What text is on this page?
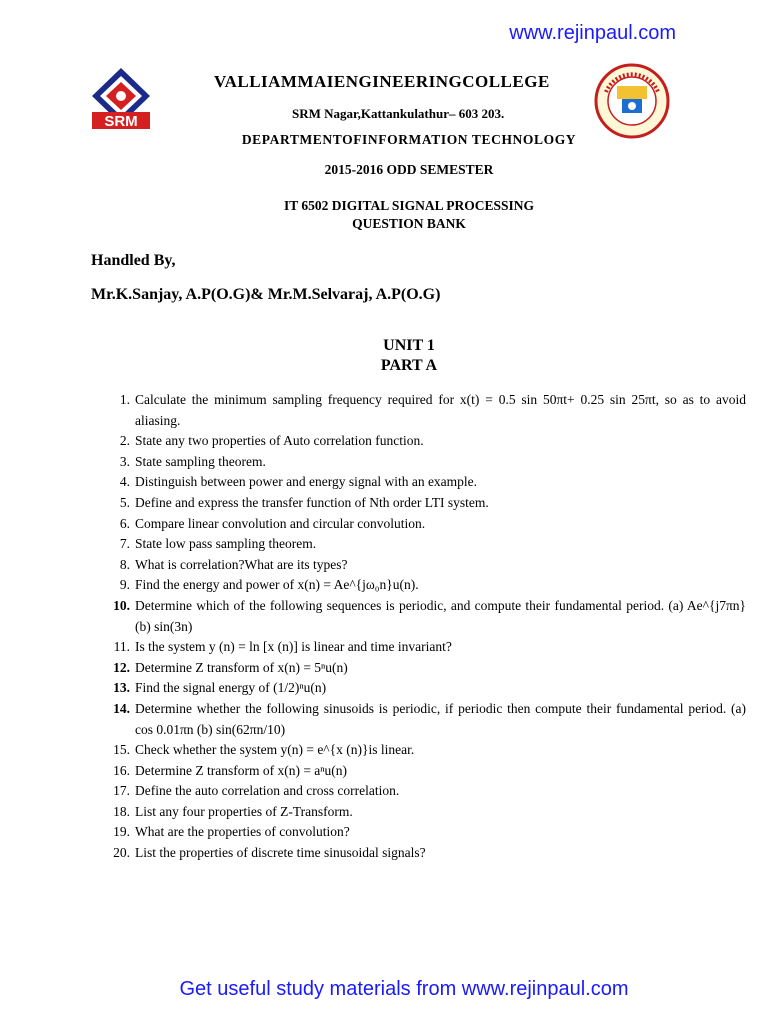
www.rejinpaul.com
SRM
VALLIAMMAIENGINEERINGCOLLEGE
SRM Nagar,Kattankulathur– 603 203.
DEPARTMENTOFINFORMATION TECHNOLOGY
2015-2016 ODD SEMESTER
IT 6502 DIGITAL SIGNAL PROCESSING
QUESTION BANK
Handled By,
Mr.K.Sanjay, A.P(O.G)& Mr.M.Selvaraj, A.P(O.G)
UNIT 1
PART A
1. Calculate the minimum sampling frequency required for x(t) = 0.5 sin 50πt+ 0.25 sin 25πt, so as to avoid aliasing.
2. State any two properties of Auto correlation function.
3. State sampling theorem.
4. Distinguish between power and energy signal with an example.
5. Define and express the transfer function of Nth order LTI system.
6. Compare linear convolution and circular convolution.
7. State low pass sampling theorem.
8. What is correlation?What are its types?
9. Find the energy and power of x(n) = Ae^{jω₀n}u(n).
10. Determine which of the following sequences is periodic, and compute their fundamental period. (a) Ae^{j7πn} (b) sin(3n)
11. Is the system y (n) = ln [x (n)] is linear and time invariant?
12. Determine Z transform of x(n) = 5ⁿu(n)
13. Find the signal energy of (1/2)ⁿu(n)
14. Determine whether the following sinusoids is periodic, if periodic then compute their fundamental period. (a) cos 0.01πn (b) sin(62πn/10)
15. Check whether the system y(n) = e^{x (n)}is linear.
16. Determine Z transform of x(n) = aⁿu(n)
17. Define the auto correlation and cross correlation.
18. List any four properties of Z-Transform.
19. What are the properties of convolution?
20. List the properties of discrete time sinusoidal signals?
Get useful study materials from www.rejinpaul.com
